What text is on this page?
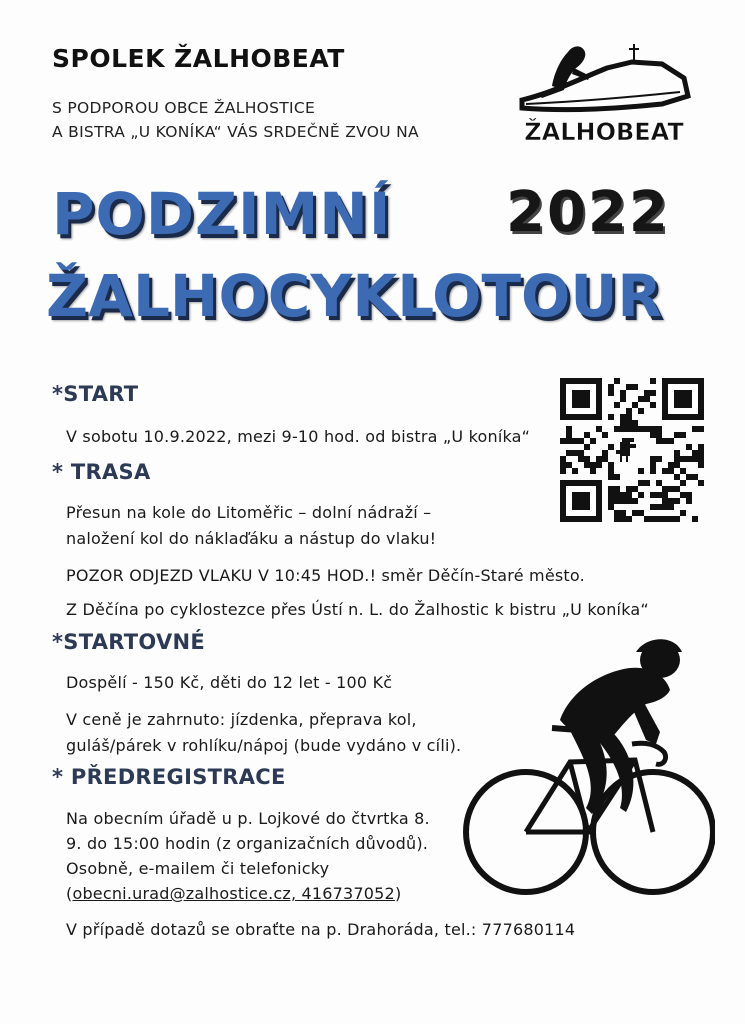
SPOLEK ŽALHOBEAT
S PODPOROU OBCE ŽALHOSTICE
A BISTRA „U KONÍKA“ VÁS SRDEČNĚ ZVOU NA	ŽALHOBEAT
PODZIMNÍ 2022
ŽALHOCYKLOTOUR
*START
V sobotu 10.9.2022, mezi 9-10 hod. od bistra „U koníka“
* TRASA
Přesun na kole do Litoměřic – dolní nádraží –
naložení kol do náklaďáku a nástup do vlaku!
POZOR ODJEZD VLAKU V 10:45 HOD.! směr Děčín-Staré město.
Z Děčína po cyklostezce přes Ústí n. L. do Žalhostic k bistru „U koníka“
*STARTOVNÉ
Dospělí - 150 Kč, děti do 12 let - 100 Kč
V ceně je zahrnuto: jízdenka, přeprava kol,
guláš/párek v rohlíku/nápoj (bude vydáno v cíli).
* PŘEDREGISTRACE
Na obecním úřadě u p. Lojkové do čtvrtka 8.
9. do 15:00 hodin (z organizačních důvodů).
Osobně, e-mailem či telefonicky
(obecni.urad@zalhostice.cz, 416737052)
V případě dotazů se obraťte na p. Drahoráda, tel.: 777680114
